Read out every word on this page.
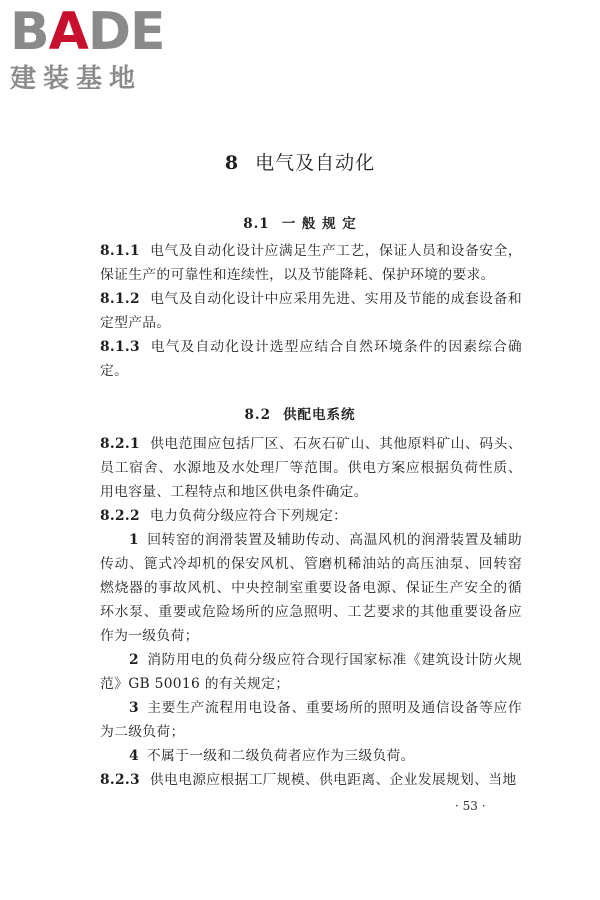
BADE
建装基地
8 电气及自动化
8.1 一 般 规 定

8.1.1 电气及自动化设计应满足生产工艺，保证人员和设备安全，保证生产的可靠性和连续性，以及节能降耗、保护环境的要求。

8.1.2 电气及自动化设计中应采用先进、实用及节能的成套设备和定型产品。

8.1.3 电气及自动化设计选型应结合自然环境条件的因素综合确定。

8.2 供配电系统

8.2.1 供电范围应包括厂区、石灰石矿山、其他原料矿山、码头、员工宿舍、水源地及水处理厂等范围。供电方案应根据负荷性质、用电容量、工程特点和地区供电条件确定。

8.2.2 电力负荷分级应符合下列规定：

1 回转窑的润滑装置及辅助传动、高温风机的润滑装置及辅助传动、篦式冷却机的保安风机、管磨机稀油站的高压油泵、回转窑燃烧器的事故风机、中央控制室重要设备电源、保证生产安全的循环水泵、重要或危险场所的应急照明、工艺要求的其他重要设备应作为一级负荷；

2 消防用电的负荷分级应符合现行国家标准《建筑设计防火规范》GB 50016 的有关规定；

3 主要生产流程用电设备、重要场所的照明及通信设备等应作为二级负荷；

4 不属于一级和二级负荷者应作为三级负荷。

8.2.3 供电电源应根据工厂规模、供电距离、企业发展规划、当地

· 53 ·
